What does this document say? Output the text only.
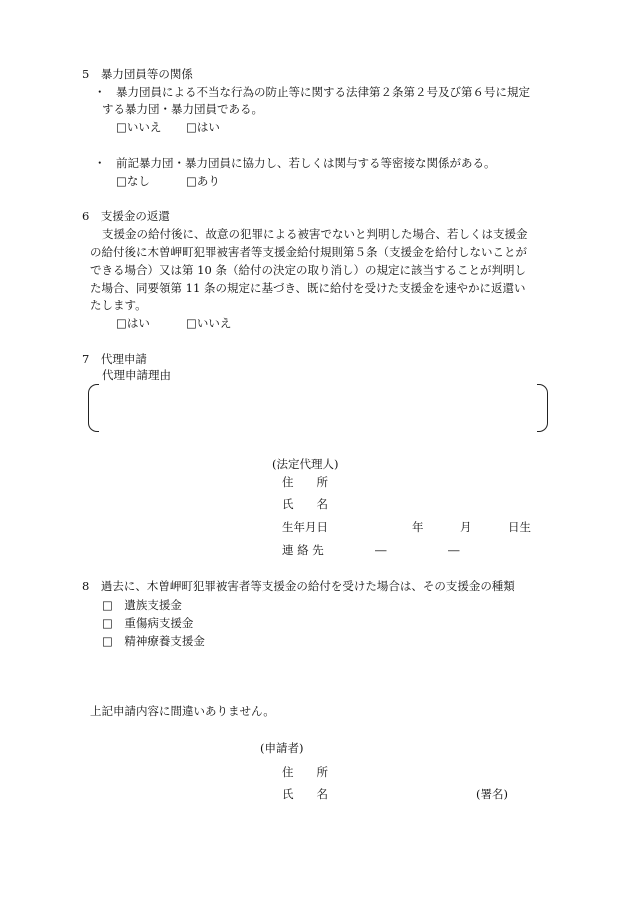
5　暴力団員等の関係
・ 暴力団員による不当な行為の防止等に関する法律第２条第２号及び第６号に規定
する暴力団・暴力団員である。
□いいえ □はい
・ 前記暴力団・暴力団員に協力し、若しくは関与する等密接な関係がある。
□なし	□あり
6　支援金の返還
支援金の給付後に、故意の犯罪による被害でないと判明した場合、若しくは支援金
の給付後に木曽岬町犯罪被害者等支援金給付規則第５条（支援金を給付しないことが
できる場合）又は第 10 条（給付の決定の取り消し）の規定に該当することが判明し
た場合、同要領第 11 条の規定に基づき、既に給付を受けた支援金を速やかに返還い
たします。
□はい	□いいえ
7　代理申請
代理申請理由
(法定代理人)
住　　所
氏　　名
生年月日	年	月	日生
連 絡 先	―	―
8　過去に、木曽岬町犯罪被害者等支援金の給付を受けた場合は、その支援金の種類
□　遺族支援金
□　重傷病支援金
□　精神療養支援金
上記申請内容に間違いありません。
(申請者)
住　　所
氏　　名	(署名)
